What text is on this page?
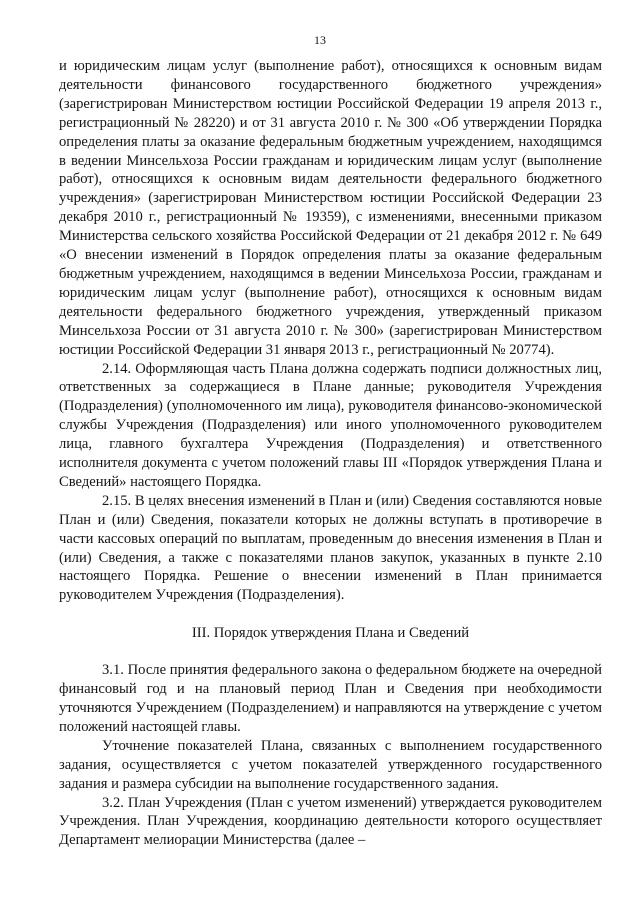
13

и юридическим лицам услуг (выполнение работ), относящихся к основным видам деятельности финансового государственного бюджетного учреждения» (зарегистрирован Министерством юстиции Российской Федерации 19 апреля 2013 г., регистрационный № 28220) и от 31 августа 2010 г. № 300 «Об утверждении Порядка определения платы за оказание федеральным бюджетным учреждением, находящимся в ведении Минсельхоза России гражданам и юридическим лицам услуг (выполнение работ), относящихся к основным видам деятельности федерального бюджетного учреждения» (зарегистрирован Министерством юстиции Российской Федерации 23 декабря 2010 г., регистрационный № 19359), с изменениями, внесенными приказом Министерства сельского хозяйства Российской Федерации от 21 декабря 2012 г. № 649 «О внесении изменений в Порядок определения платы за оказание федеральным бюджетным учреждением, находящимся в ведении Минсельхоза России, гражданам и юридическим лицам услуг (выполнение работ), относящихся к основным видам деятельности федерального бюджетного учреждения, утвержденный приказом Минсельхоза России от 31 августа 2010 г. № 300» (зарегистрирован Министерством юстиции Российской Федерации 31 января 2013 г., регистрационный № 20774).

2.14. Оформляющая часть Плана должна содержать подписи должностных лиц, ответственных за содержащиеся в Плане данные; руководителя Учреждения (Подразделения) (уполномоченного им лица), руководителя финансово-экономической службы Учреждения (Подразделения) или иного уполномоченного руководителем лица, главного бухгалтера Учреждения (Подразделения) и ответственного исполнителя документа с учетом положений главы III «Порядок утверждения Плана и Сведений» настоящего Порядка.

2.15. В целях внесения изменений в План и (или) Сведения составляются новые План и (или) Сведения, показатели которых не должны вступать в противоречие в части кассовых операций по выплатам, проведенным до внесения изменения в План и (или) Сведения, а также с показателями планов закупок, указанных в пункте 2.10 настоящего Порядка. Решение о внесении изменений в План принимается руководителем Учреждения (Подразделения).

III. Порядок утверждения Плана и Сведений

3.1. После принятия федерального закона о федеральном бюджете на очередной финансовый год и на плановый период План и Сведения при необходимости уточняются Учреждением (Подразделением) и направляются на утверждение с учетом положений настоящей главы.

Уточнение показателей Плана, связанных с выполнением государственного задания, осуществляется с учетом показателей утвержденного государственного задания и размера субсидии на выполнение государственного задания.

3.2. План Учреждения (План с учетом изменений) утверждается руководителем Учреждения. План Учреждения, координацию деятельности которого осуществляет Департамент мелиорации Министерства (далее –
